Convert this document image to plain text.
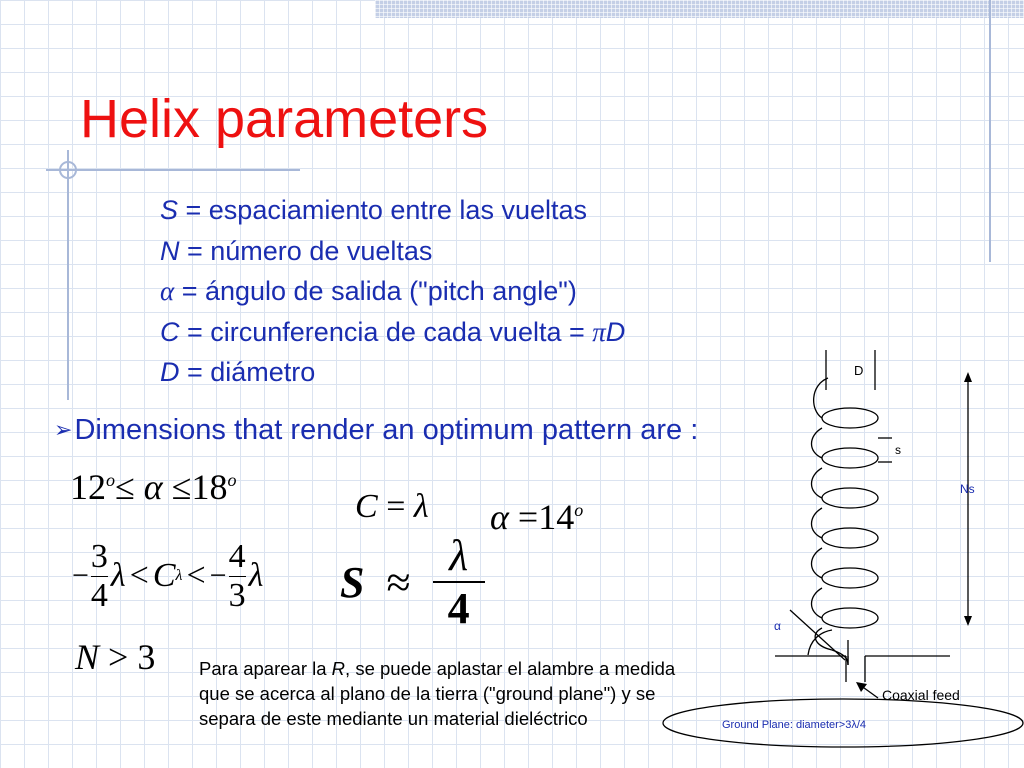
Helix parameters
S = espaciamiento entre las vueltas
N = número de vueltas
α = ángulo de salida ("pitch angle")
C = circunferencia de cada vuelta = πD
D = diámetro
➢Dimensions that render an optimum pattern are :
$12^o\le \alpha \le 18^o$
C = λ $\alpha =14^o$
− $\frac{3}{4}$ λ < C λ < − $\frac{4}{3}$ λ $S \approx \frac{\lambda}{4}$
N > 3 Para aparear la R, se puede aplastar el alambre a medida que se acerca al plano de la tierra ("ground plane") y se separa de este mediante un material dieléctrico
D
s
Ns
α
Coaxial feed
Ground Plane: diameter>3λ/4
